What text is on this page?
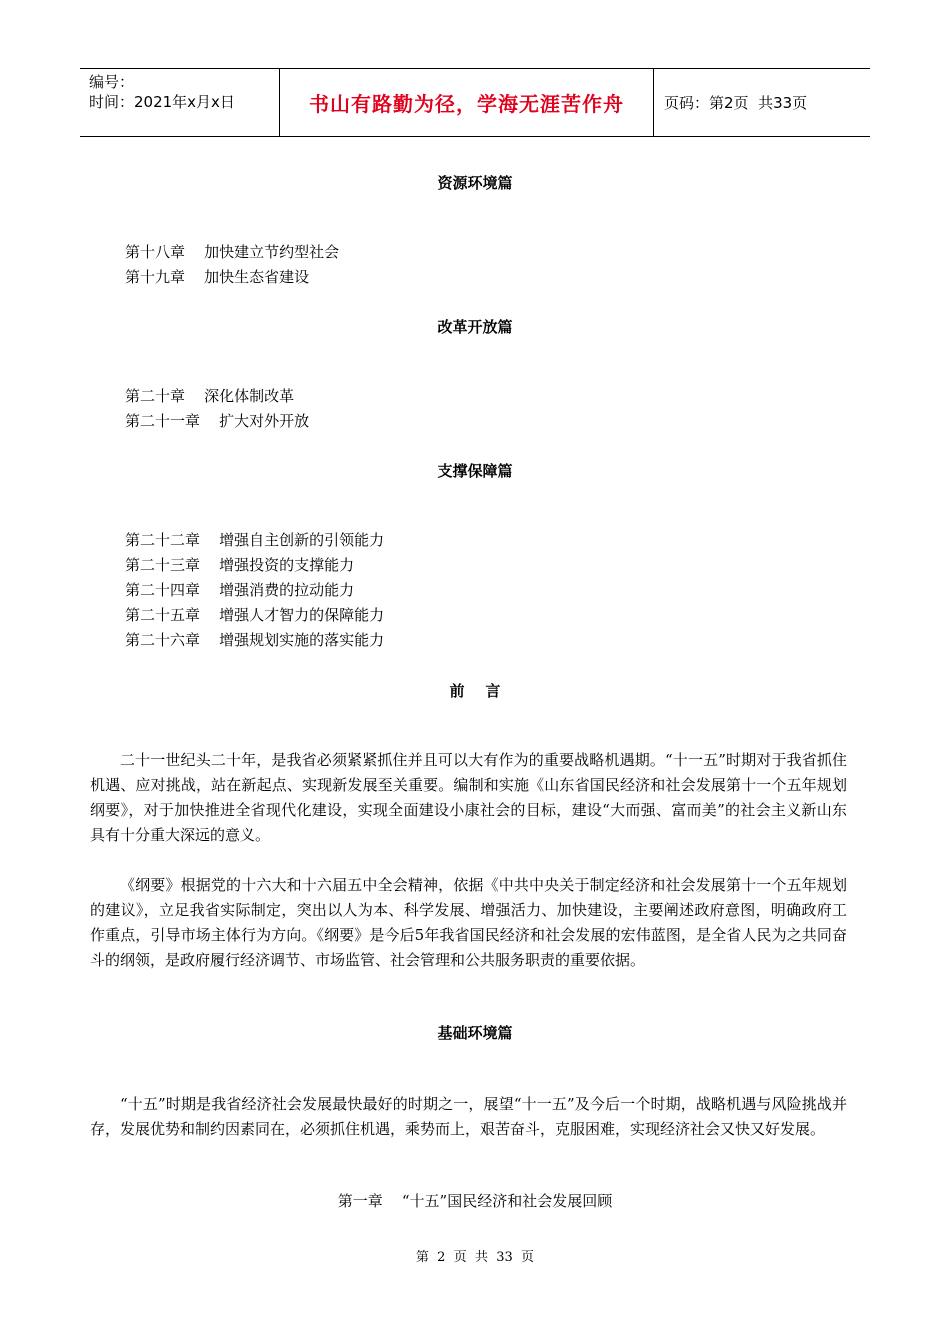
编号：
时间：2021年x月x日	书山有路勤为径，学海无涯苦作舟	页码：第2页  共33页
资源环境篇
第十八章    加快建立节约型社会
第十九章    加快生态省建设
改革开放篇
第二十章    深化体制改革
第二十一章    扩大对外开放
支撑保障篇
第二十二章    增强自主创新的引领能力
第二十三章    增强投资的支撑能力
第二十四章    增强消费的拉动能力
第二十五章    增强人才智力的保障能力
第二十六章    增强规划实施的落实能力
前    言
二十一世纪头二十年，是我省必须紧紧抓住并且可以大有作为的重要战略机遇期。“十一五”时期对于我省抓住机遇、应对挑战，站在新起点、实现新发展至关重要。编制和实施《山东省国民经济和社会发展第十一个五年规划纲要》，对于加快推进全省现代化建设，实现全面建设小康社会的目标，建设“大而强、富而美”的社会主义新山东具有十分重大深远的意义。
《纲要》根据党的十六大和十六届五中全会精神，依据《中共中央关于制定经济和社会发展第十一个五年规划的建议》，立足我省实际制定，突出以人为本、科学发展、增强活力、加快建设，主要阐述政府意图，明确政府工作重点，引导市场主体行为方向。《纲要》是今后5年我省国民经济和社会发展的宏伟蓝图，是全省人民为之共同奋斗的纲领，是政府履行经济调节、市场监管、社会管理和公共服务职责的重要依据。
基础环境篇
“十五”时期是我省经济社会发展最快最好的时期之一，展望“十一五”及今后一个时期，战略机遇与风险挑战并存，发展优势和制约因素同在，必须抓住机遇，乘势而上，艰苦奋斗，克服困难，实现经济社会又快又好发展。
第一章    “十五”国民经济和社会发展回顾
第  2  页  共  33  页
